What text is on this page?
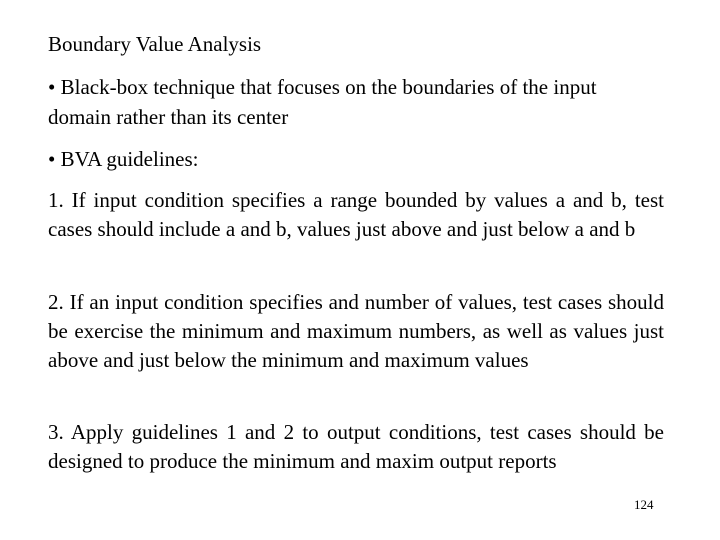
Boundary Value Analysis
• Black-box technique that focuses on the boundaries of the input domain rather than its center
• BVA guidelines:
1. If input condition specifies a range bounded by values a and b, test cases should include a and b, values just above and just below a and b
2. If an input condition specifies and number of values, test cases should be exercise the minimum and maximum numbers, as well as values just above and just below the minimum and maximum values
3. Apply guidelines 1 and 2 to output conditions, test cases should be designed to produce the minimum and maxim output reports
124
